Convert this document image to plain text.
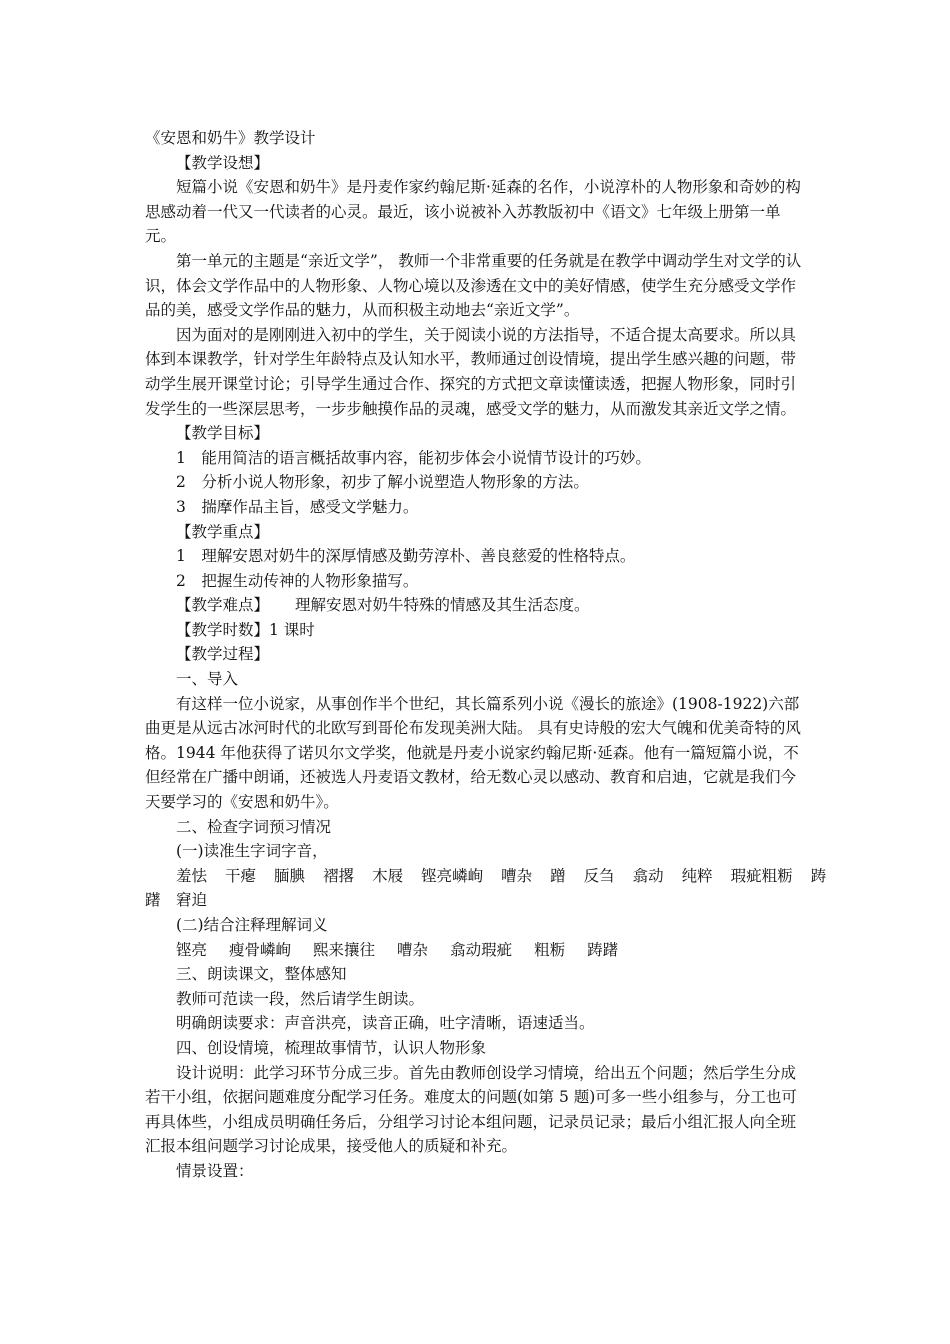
《安恩和奶牛》教学设计
【教学设想】
短篇小说《安恩和奶牛》是丹麦作家约翰尼斯·延森的名作，小说淳朴的人物形象和奇妙的构思感动着一代又一代读者的心灵。最近，该小说被补入苏教版初中《语文》七年级上册第一单元。
第一单元的主题是“亲近文学”， 教师一个非常重要的任务就是在教学中调动学生对文学的认识，体会文学作品中的人物形象、人物心境以及渗透在文中的美好情感，使学生充分感受文学作品的美，感受文学作品的魅力，从而积极主动地去“亲近文学”。
因为面对的是刚刚进入初中的学生，关于阅读小说的方法指导，不适合提太高要求。所以具体到本课教学，针对学生年龄特点及认知水平，教师通过创设情境，提出学生感兴趣的问题，带动学生展开课堂讨论；引导学生通过合作、探究的方式把文章读懂读透，把握人物形象，同时引发学生的一些深层思考，一步步触摸作品的灵魂，感受文学的魅力，从而激发其亲近文学之情。
【教学目标】
1　能用简洁的语言概括故事内容，能初步体会小说情节设计的巧妙。
2　分析小说人物形象，初步了解小说塑造人物形象的方法。
3　揣摩作品主旨，感受文学魅力。
【教学重点】
1　理解安恩对奶牛的深厚情感及勤劳淳朴、善良慈爱的性格特点。
2　把握生动传神的人物形象描写。
【教学难点】 理解安恩对奶牛特殊的情感及其生活态度。
【教学时数】1 课时
【教学过程】
一、导入
有这样一位小说家，从事创作半个世纪，其长篇系列小说《漫长的旅途》(1908-1922)六部曲更是从远古冰河时代的北欧写到哥伦布发现美洲大陆。 具有史诗般的宏大气魄和优美奇特的风格。1944 年他获得了诺贝尔文学奖，他就是丹麦小说家约翰尼斯·延森。他有一篇短篇小说，不但经常在广播中朗诵，还被选人丹麦语文教材，给无数心灵以感动、教育和启迪，它就是我们今天要学习的《安恩和奶牛》。
二、检查字词预习情况
(一)读准生字词字音，
羞怯 干瘪 腼腆 褶撂 木屐 铿亮嶙峋 嘈杂 蹭 反刍 翕动 纯粹 瑕疵粗粝 踌
躇　窘迫
(二)结合注释理解词义
铿亮 瘦骨嶙峋 熙来攘往 嘈杂 翕动瑕疵 粗粝 踌躇
三、朗读课文，整体感知
教师可范读一段，然后请学生朗读。
明确朗读要求：声音洪亮，读音正确，吐字清晰，语速适当。
四、创设情境，梳理故事情节，认识人物形象
设计说明：此学习环节分成三步。首先由教师创设学习情境，给出五个问题；然后学生分成若干小组，依据问题难度分配学习任务。难度太的问题(如第 5 题)可多一些小组参与，分工也可再具体些，小组成员明确任务后，分组学习讨论本组问题，记录员记录；最后小组汇报人向全班汇报本组问题学习讨论成果，接受他人的质疑和补充。
情景设置：
